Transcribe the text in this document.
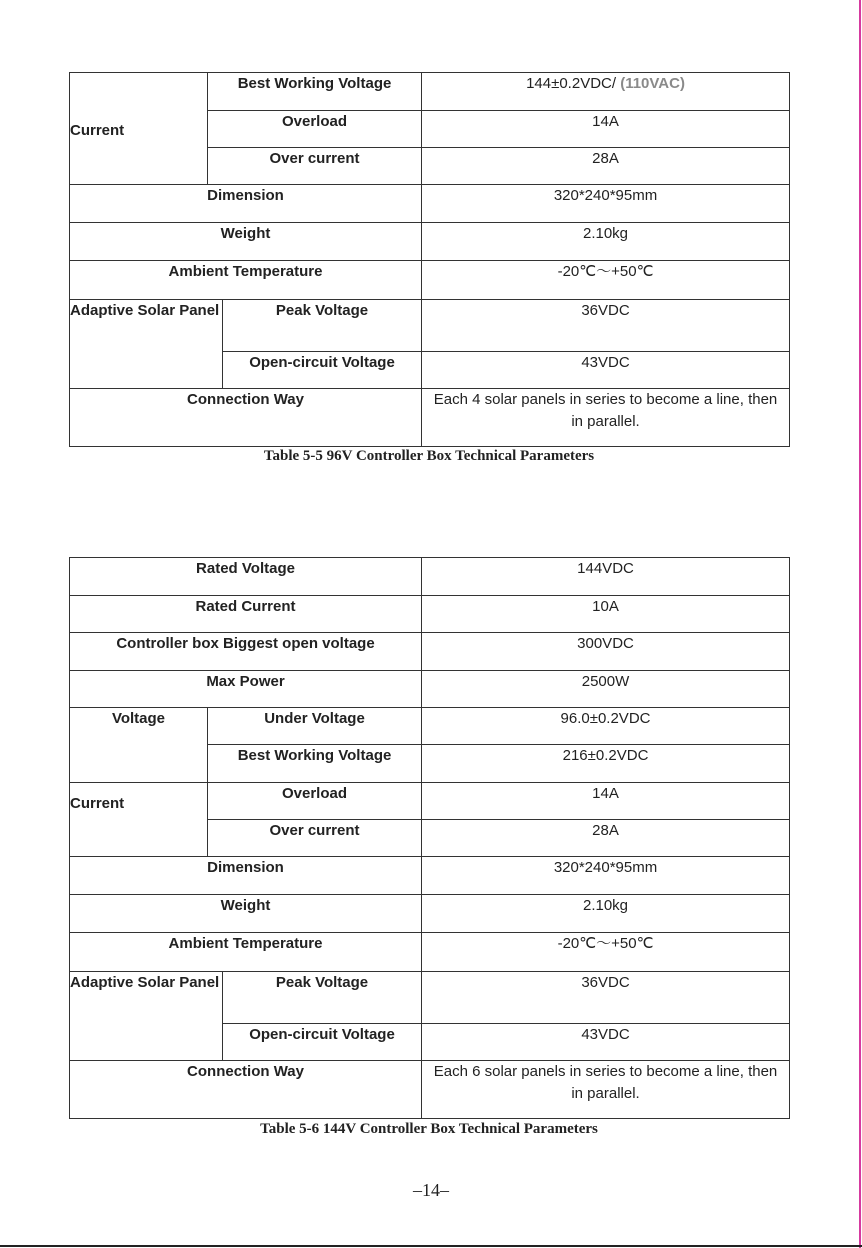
Current	Best Working Voltage		144±0.2VDC/ (110VAC)
	Overload		14A
	Over current		28A
Dimension			320*240*95mm
Weight			2.10kg
Ambient Temperature			-20℃～+50℃
Adaptive Solar Panel		Peak Voltage	36VDC
		Open-circuit Voltage	43VDC
Connection Way			Each 4 solar panels in series to become a line, then in parallel.
Table 5-5 96V Controller Box Technical Parameters
Rated Voltage			144VDC
Rated Current			10A
Controller box Biggest open voltage			300VDC
Max Power			2500W
Voltage	Under Voltage		96.0±0.2VDC
	Best Working Voltage		216±0.2VDC

Current	Overload		14A
	Over current		28A
Dimension			320*240*95mm
Weight			2.10kg
Ambient Temperature			-20℃～+50℃
Adaptive Solar Panel		Peak Voltage	36VDC
		Open-circuit Voltage	43VDC
Connection Way			Each 6 solar panels in series to become a line, then in parallel.
Table 5-6 144V Controller Box Technical Parameters
–14–
